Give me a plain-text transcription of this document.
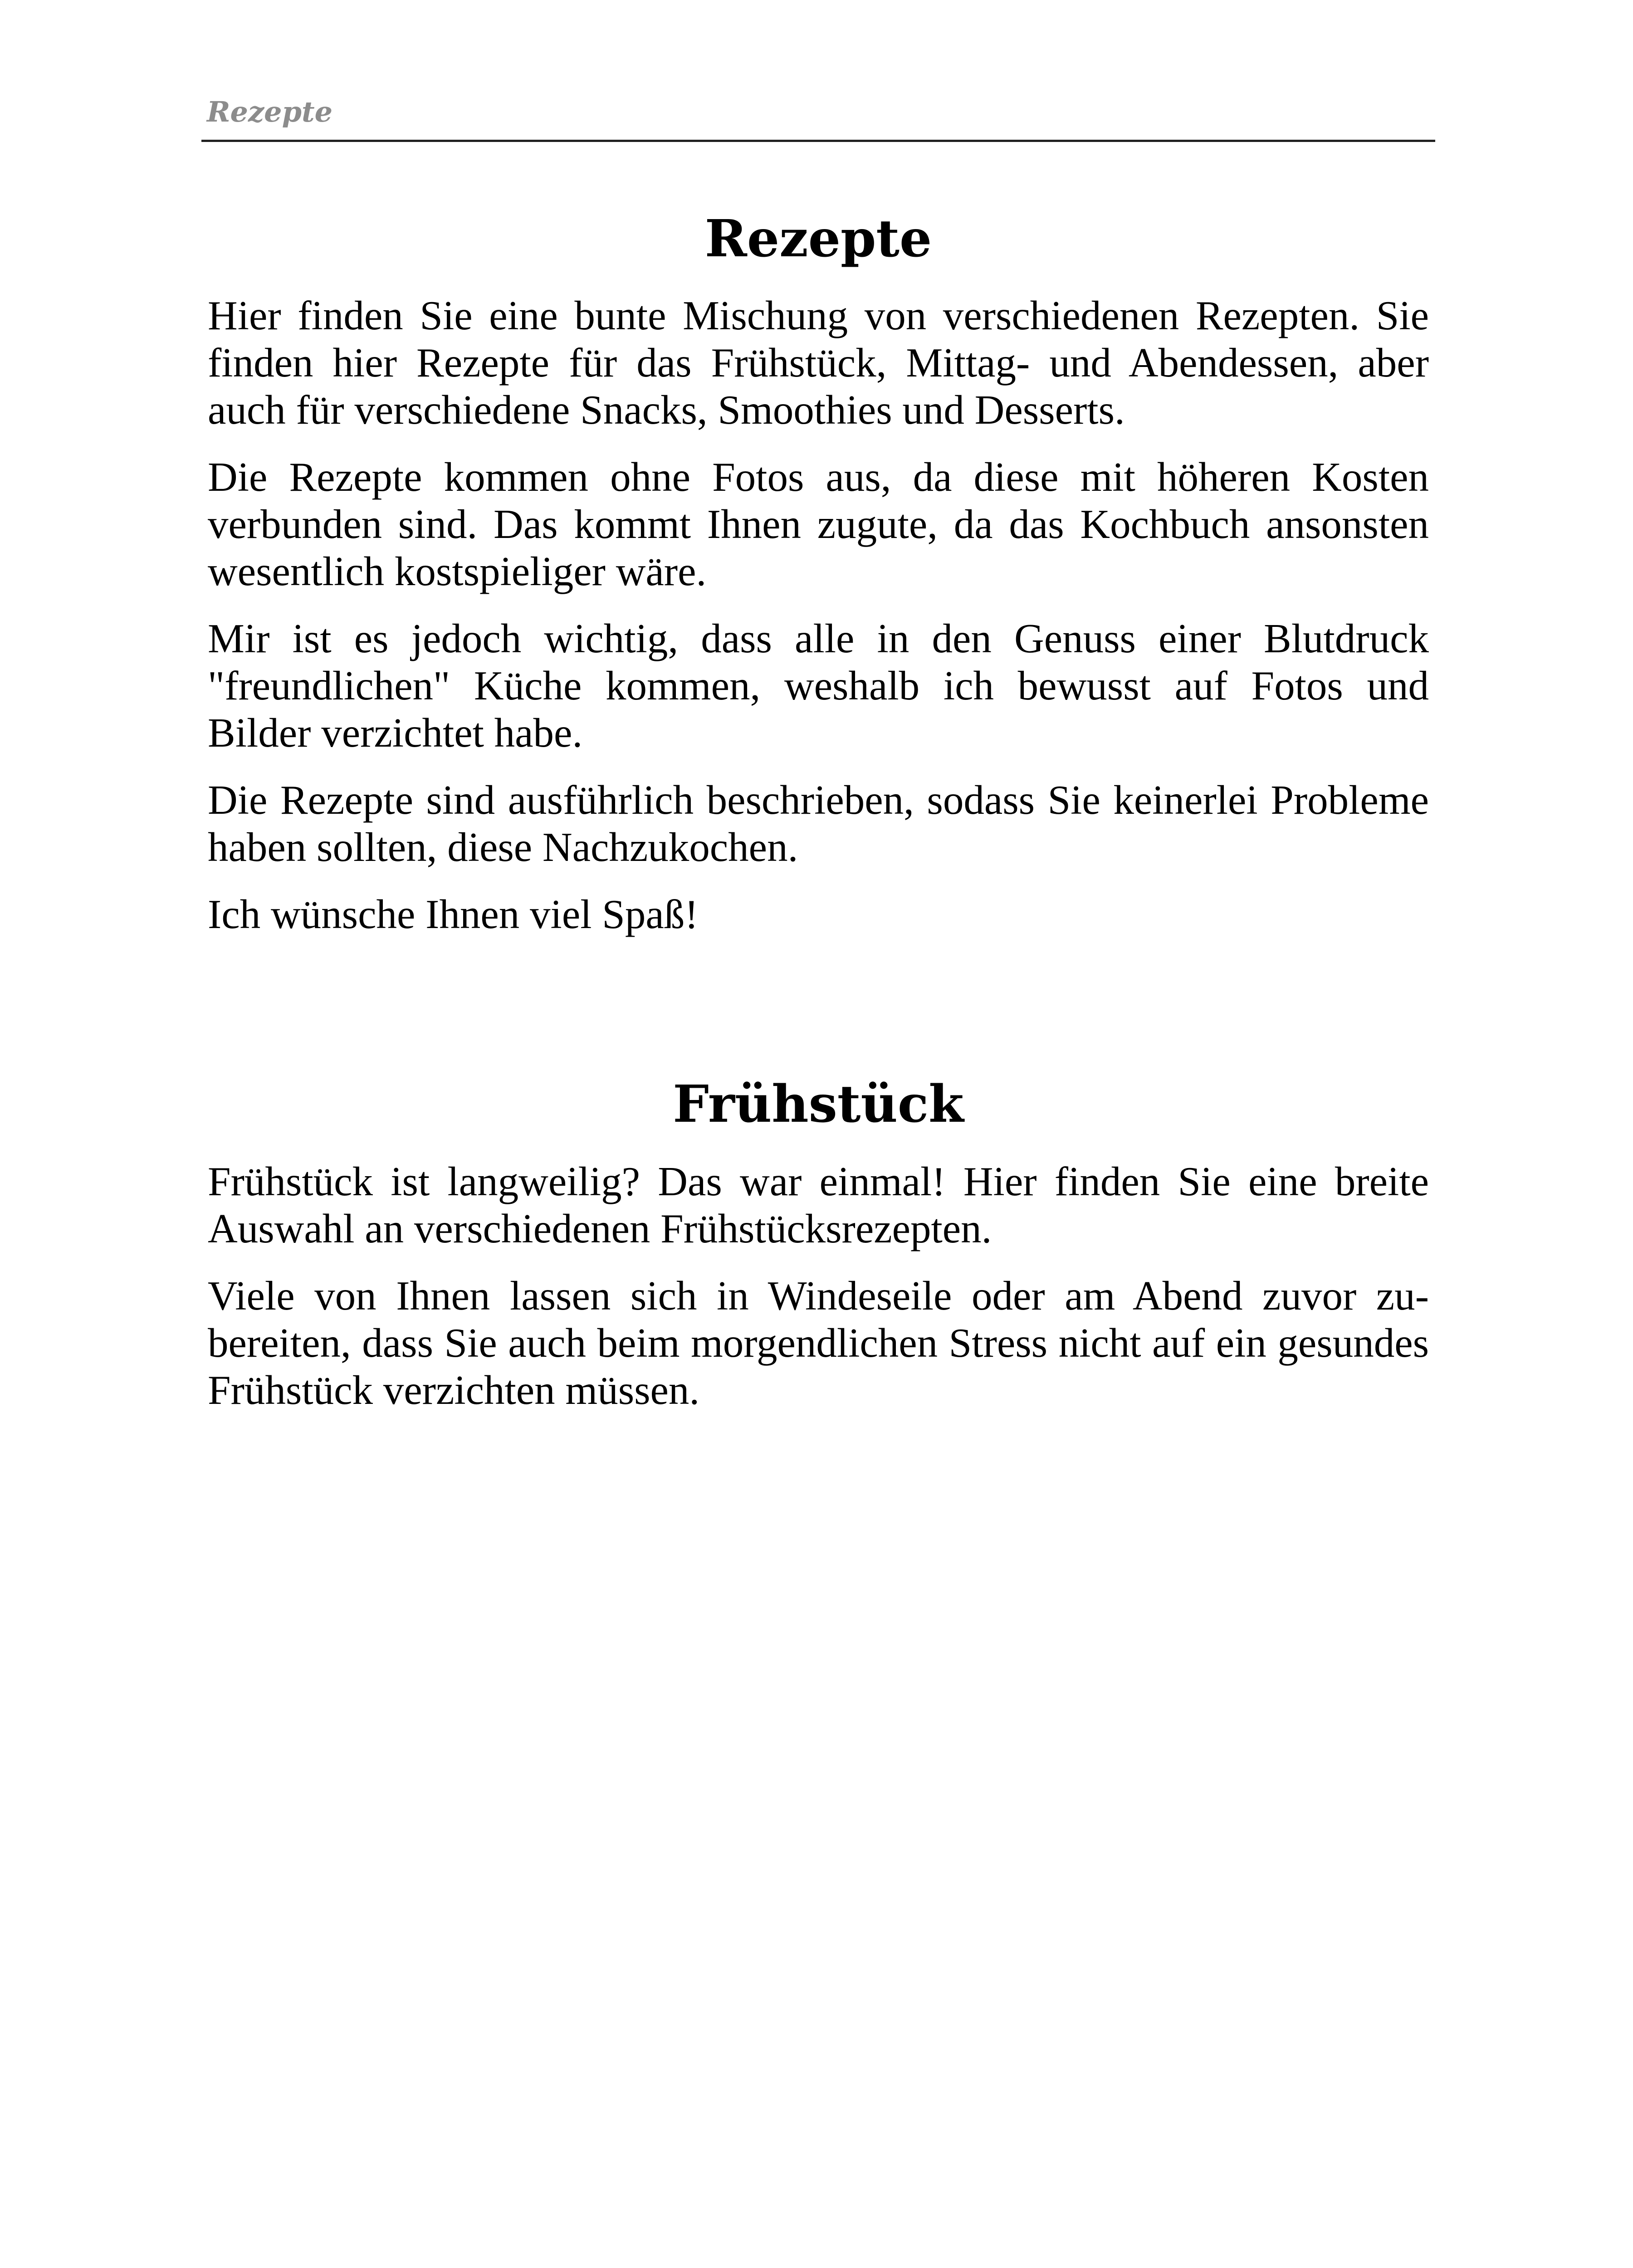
Rezepte
Rezepte

Hier finden Sie eine bunte Mischung von verschiedenen Rezepten. Sie finden hier Rezepte für das Frühstück, Mittag- und Abendessen, aber auch für verschiedene Snacks, Smoothies und Desserts.

Die Rezepte kommen ohne Fotos aus, da diese mit höheren Kosten verbunden sind. Das kommt Ihnen zugute, da das Kochbuch ansonsten wesentlich kostspieliger wäre.

Mir ist es jedoch wichtig, dass alle in den Genuss einer Blutdruck "freundlichen" Küche kommen, weshalb ich bewusst auf Fotos und Bilder verzichtet habe.

Die Rezepte sind ausführlich beschrieben, sodass Sie keinerlei Probleme haben sollten, diese Nachzukochen.

Ich wünsche Ihnen viel Spaß!

Frühstück

Frühstück ist langweilig? Das war einmal! Hier finden Sie eine breite Auswahl an verschiedenen Frühstücksrezepten.

Viele von Ihnen lassen sich in Windeseile oder am Abend zuvor zubereiten, dass Sie auch beim morgendlichen Stress nicht auf ein gesundes Frühstück verzichten müssen.
